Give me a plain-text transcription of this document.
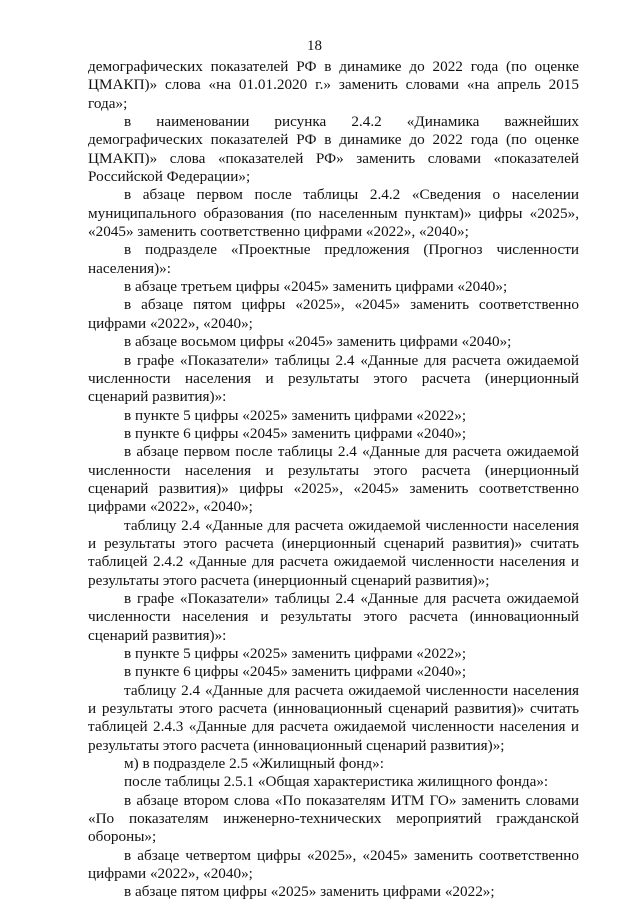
18

демографических показателей РФ в динамике до 2022 года (по оценке ЦМАКП)» слова «на 01.01.2020 г.» заменить словами «на апрель 2015 года»;

в наименовании рисунка 2.4.2 «Динамика важнейших демографических показателей РФ в динамике до 2022 года (по оценке ЦМАКП)» слова «показателей РФ» заменить словами «показателей Российской Федерации»;

в абзаце первом после таблицы 2.4.2 «Сведения о населении муниципального образования (по населенным пунктам)» цифры «2025», «2045» заменить соответственно цифрами «2022», «2040»;

в подразделе «Проектные предложения (Прогноз численности населения)»:

в абзаце третьем цифры «2045» заменить цифрами «2040»;

в абзаце пятом цифры «2025», «2045» заменить соответственно цифрами «2022», «2040»;

в абзаце восьмом цифры «2045» заменить цифрами «2040»;

в графе «Показатели» таблицы 2.4 «Данные для расчета ожидаемой численности населения и результаты этого расчета (инерционный сценарий развития)»:

в пункте 5 цифры «2025» заменить цифрами «2022»;

в пункте 6 цифры «2045» заменить цифрами «2040»;

в абзаце первом после таблицы 2.4 «Данные для расчета ожидаемой численности населения и результаты этого расчета (инерционный сценарий развития)» цифры «2025», «2045» заменить соответственно цифрами «2022», «2040»;

таблицу 2.4 «Данные для расчета ожидаемой численности населения и результаты этого расчета (инерционный сценарий развития)» считать таблицей 2.4.2 «Данные для расчета ожидаемой численности населения и результаты этого расчета (инерционный сценарий развития)»;

в графе «Показатели» таблицы 2.4 «Данные для расчета ожидаемой численности населения и результаты этого расчета (инновационный сценарий развития)»:

в пункте 5 цифры «2025» заменить цифрами «2022»;

в пункте 6 цифры «2045» заменить цифрами «2040»;

таблицу 2.4 «Данные для расчета ожидаемой численности населения и результаты этого расчета (инновационный сценарий развития)» считать таблицей 2.4.3 «Данные для расчета ожидаемой численности населения и результаты этого расчета (инновационный сценарий развития)»;

м) в подразделе 2.5 «Жилищный фонд»:

после таблицы 2.5.1 «Общая характеристика жилищного фонда»:

в абзаце втором слова «По показателям ИТМ ГО» заменить словами «По показателям инженерно-технических мероприятий гражданской обороны»;

в абзаце четвертом цифры «2025», «2045» заменить соответственно цифрами «2022», «2040»;

в абзаце пятом цифры «2025» заменить цифрами «2022»;
